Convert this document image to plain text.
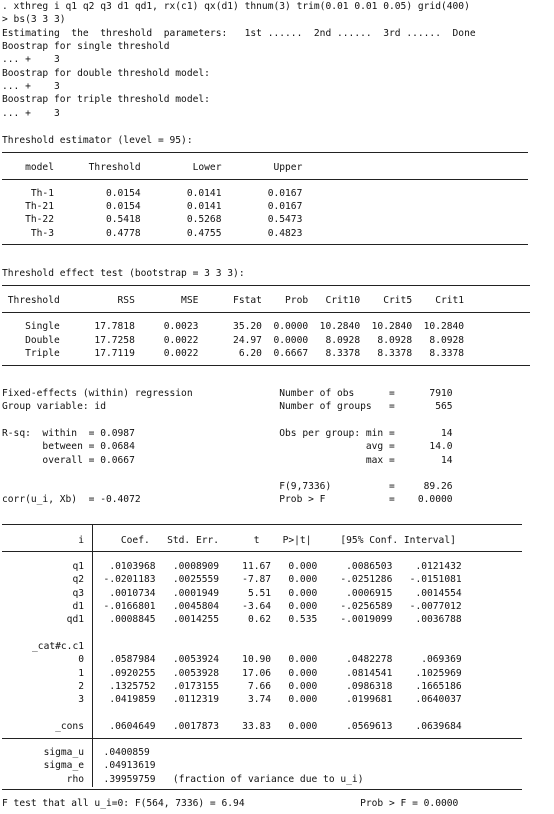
. xthreg i q1 q2 q3 d1 qd1, rx(c1) qx(d1) thnum(3) trim(0.01 0.01 0.05) grid(400)
> bs(3 3 3)
Estimating  the  threshold  parameters:   1st ......  2nd ......  3rd ......  Done
Boostrap for single threshold
... +    3
Boostrap for double threshold model:
... +    3
Boostrap for triple threshold model:
... +    3
Threshold estimator (level = 95):
model      Threshold         Lower         Upper
Th-1         0.0154        0.0141        0.0167
Th-21         0.0154        0.0141        0.0167
Th-22         0.5418        0.5268        0.5473
Th-3         0.4778        0.4755        0.4823
Threshold effect test (bootstrap = 3 3 3):
Threshold          RSS        MSE      Fstat    Prob   Crit10    Crit5    Crit1
Single      17.7818     0.0023      35.20  0.0000  10.2840  10.2840  10.2840
Double      17.7258     0.0022      24.97  0.0000   8.0928   8.0928   8.0928
Triple      17.7119     0.0022       6.20  0.6667   8.3378   8.3378   8.3378
Fixed-effects (within) regression               Number of obs      =      7910
Group variable: id                              Number of groups   =       565
R-sq:  within  = 0.0987                         Obs per group: min =        14
between = 0.0684                                        avg =      14.0
overall = 0.0667                                        max =        14
F(9,7336)          =     89.26
corr(u_i, Xb)  = -0.4072                        Prob > F           =    0.0000
i Coef.   Std. Err.      t    P>|t|     [95% Conf. Interval]
q1 .0103968   .0008909    11.67   0.000     .0086503    .0121432
q2 -.0201183   .0025559    -7.87   0.000    -.0251286   -.0151081
q3 .0010734   .0001949     5.51   0.000     .0006915    .0014554
d1 -.0166801   .0045804    -3.64   0.000    -.0256589   -.0077012
qd1 .0008845   .0014255     0.62   0.535    -.0019099    .0036788
_cat#c.c1
0 .0587984   .0053924    10.90   0.000     .0482278     .069369
1 .0920255   .0053928    17.06   0.000     .0814541    .1025969
2 .1325752   .0173155     7.66   0.000     .0986318    .1665186
3 .0419859   .0112319     3.74   0.000     .0199681    .0640037
_cons .0604649   .0017873    33.83   0.000     .0569613    .0639684
sigma_u .0400859
sigma_e .04913619
rho .39959759   (fraction of variance due to u_i)
F test that all u_i=0: F(564, 7336) = 6.94                    Prob > F = 0.0000
